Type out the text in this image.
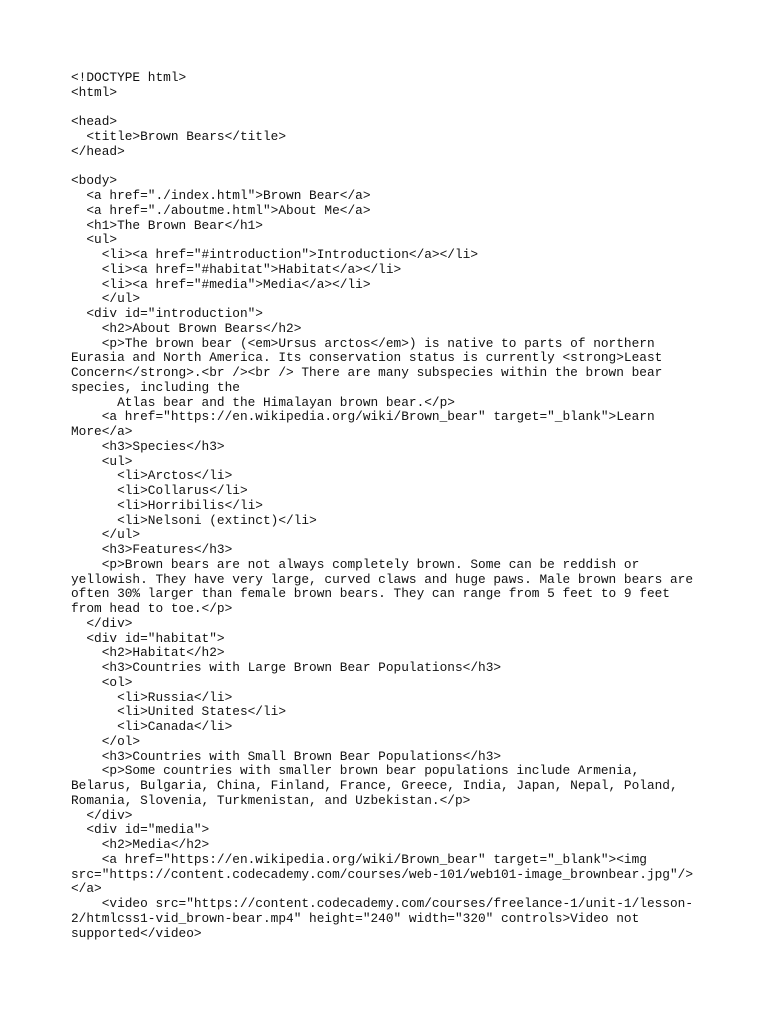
<!DOCTYPE html>
<html>

<head>
<title>Brown Bears</title>
</head>

<body>
<a href="./index.html">Brown Bear</a>
<a href="./aboutme.html">About Me</a>
<h1>The Brown Bear</h1>
<ul>
<li><a href="#introduction">Introduction</a></li>
<li><a href="#habitat">Habitat</a></li>
<li><a href="#media">Media</a></li>
</ul>
<div id="introduction">
<h2>About Brown Bears</h2>
<p>The brown bear (<em>Ursus arctos</em>) is native to parts of northern Eurasia and North America. Its conservation status is currently <strong>Least Concern</strong>.<br /><br /> There are many subspecies within the brown bear species, including the
Atlas bear and the Himalayan brown bear.</p>
<a href="https://en.wikipedia.org/wiki/Brown_bear" target="_blank">Learn More</a>
<h3>Species</h3>
<ul>
<li>Arctos</li>
<li>Collarus</li>
<li>Horribilis</li>
<li>Nelsoni (extinct)</li>
</ul>
<h3>Features</h3>
<p>Brown bears are not always completely brown. Some can be reddish or yellowish. They have very large, curved claws and huge paws. Male brown bears are often 30% larger than female brown bears. They can range from 5 feet to 9 feet from head to toe.</p>
</div>
<div id="habitat">
<h2>Habitat</h2>
<h3>Countries with Large Brown Bear Populations</h3>
<ol>
<li>Russia</li>
<li>United States</li>
<li>Canada</li>
</ol>
<h3>Countries with Small Brown Bear Populations</h3>
<p>Some countries with smaller brown bear populations include Armenia, Belarus, Bulgaria, China, Finland, France, Greece, India, Japan, Nepal, Poland, Romania, Slovenia, Turkmenistan, and Uzbekistan.</p>
</div>
<div id="media">
<h2>Media</h2>
<a href="https://en.wikipedia.org/wiki/Brown_bear" target="_blank"><img src="https://content.codecademy.com/courses/web-101/web101-image_brownbear.jpg"/></a>
<video src="https://content.codecademy.com/courses/freelance-1/unit-1/lesson-2/htmlcss1-vid_brown-bear.mp4" height="240" width="320" controls>Video not supported</video>
